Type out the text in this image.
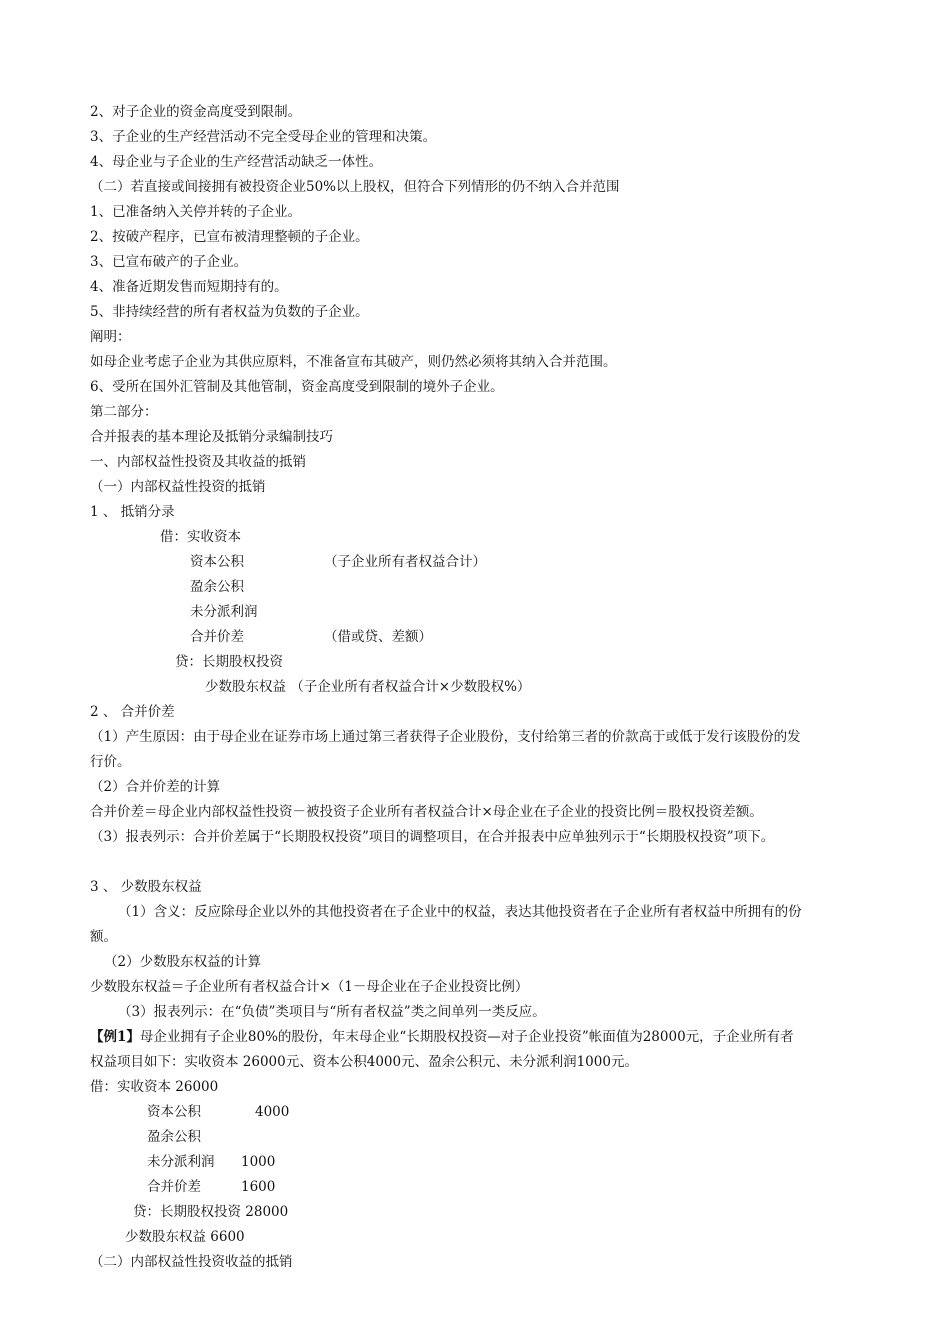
2、对子企业的资金高度受到限制。
3、子企业的生产经营活动不完全受母企业的管理和决策。
4、母企业与子企业的生产经营活动缺乏一体性。
（二）若直接或间接拥有被投资企业50%以上股权，但符合下列情形的仍不纳入合并范围
1、已准备纳入关停并转的子企业。
2、按破产程序，已宣布被清理整顿的子企业。
3、已宣布破产的子企业。
4、准备近期发售而短期持有的。
5、非持续经营的所有者权益为负数的子企业。
阐明：
如母企业考虑子企业为其供应原料，不准备宣布其破产，则仍然必须将其纳入合并范围。
6、受所在国外汇管制及其他管制，资金高度受到限制的境外子企业。
第二部分：
合并报表的基本理论及抵销分录编制技巧
一、内部权益性投资及其收益的抵销
（一）内部权益性投资的抵销
1 、 抵销分录
借：实收资本
资本公积	（子企业所有者权益合计）
盈余公积
未分派利润
合并价差	（借或贷、差额）
贷：长期股权投资
少数股东权益 （子企业所有者权益合计×少数股权%）
2 、 合并价差
（1）产生原因：由于母企业在证券市场上通过第三者获得子企业股份，支付给第三者的价款高于或低于发行该股份的发
行价。
（2）合并价差的计算
合并价差＝母企业内部权益性投资－被投资子企业所有者权益合计×母企业在子企业的投资比例＝股权投资差额。
（3）报表列示：合并价差属于“长期股权投资”项目的调整项目，在合并报表中应单独列示于“长期股权投资”项下。
3 、 少数股东权益
（1）含义：反应除母企业以外的其他投资者在子企业中的权益，表达其他投资者在子企业所有者权益中所拥有的份
额。
（2）少数股东权益的计算
少数股东权益＝子企业所有者权益合计×（1－母企业在子企业投资比例）
（3）报表列示：在“负债”类项目与“所有者权益”类之间单列一类反应。
【例1】母企业拥有子企业80%的股份，年末母企业“长期股权投资—对子企业投资”帐面值为28000元，子企业所有者
权益项目如下：实收资本 26000元、资本公积4000元、盈余公积元、未分派利润1000元。
借：实收资本 26000
资本公积	4000
盈余公积
未分派利润 1000
合并价差	1600
贷：长期股权投资 28000
少数股东权益 6600
（二）内部权益性投资收益的抵销
